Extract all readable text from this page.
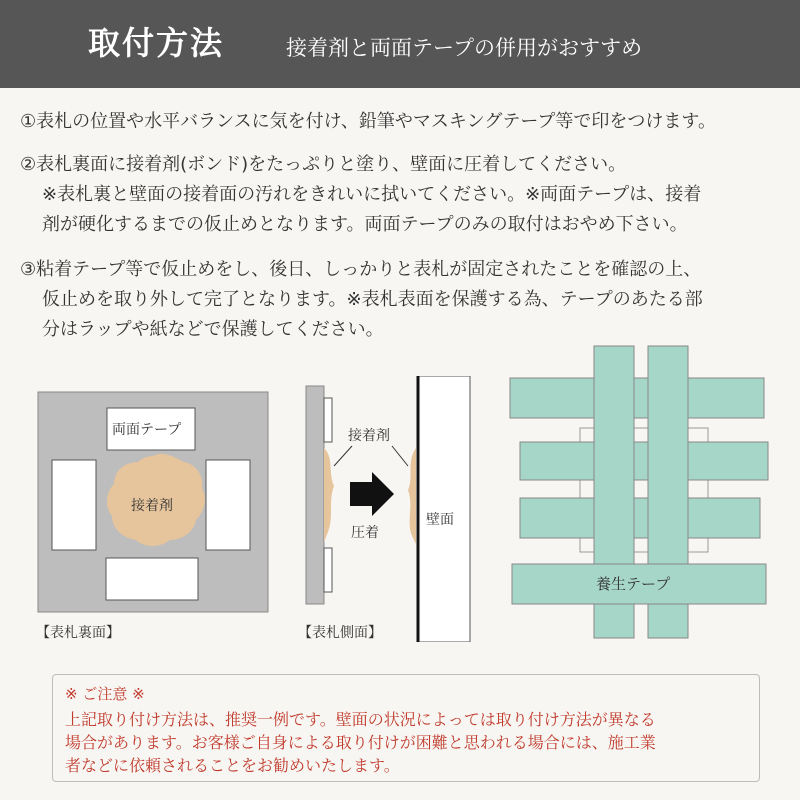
取付方法	接着剤と両面テープの併用がおすすめ
①表札の位置や水平バランスに気を付け、鉛筆やマスキングテープ等で印をつけます。
②表札裏面に接着剤(ボンド)をたっぷりと塗り、壁面に圧着してください。
※表札裏と壁面の接着面の汚れをきれいに拭いてください。※両面テープは、接着
剤が硬化するまでの仮止めとなります。両面テープのみの取付はおやめ下さい。
③粘着テープ等で仮止めをし、後日、しっかりと表札が固定されたことを確認の上、
仮止めを取り外して完了となります。※表札表面を保護する為、テープのあたる部
分はラップや紙などで保護してください。
両面テープ
接着剤
【表札裏面】
接着剤
圧着
壁面
【表札側面】
養生テープ
※ ご注意 ※
上記取り付け方法は、推奨一例です。壁面の状況によっては取り付け方法が異なる
場合があります。お客様ご自身による取り付けが困難と思われる場合には、施工業
者などに依頼されることをお勧めいたします。
